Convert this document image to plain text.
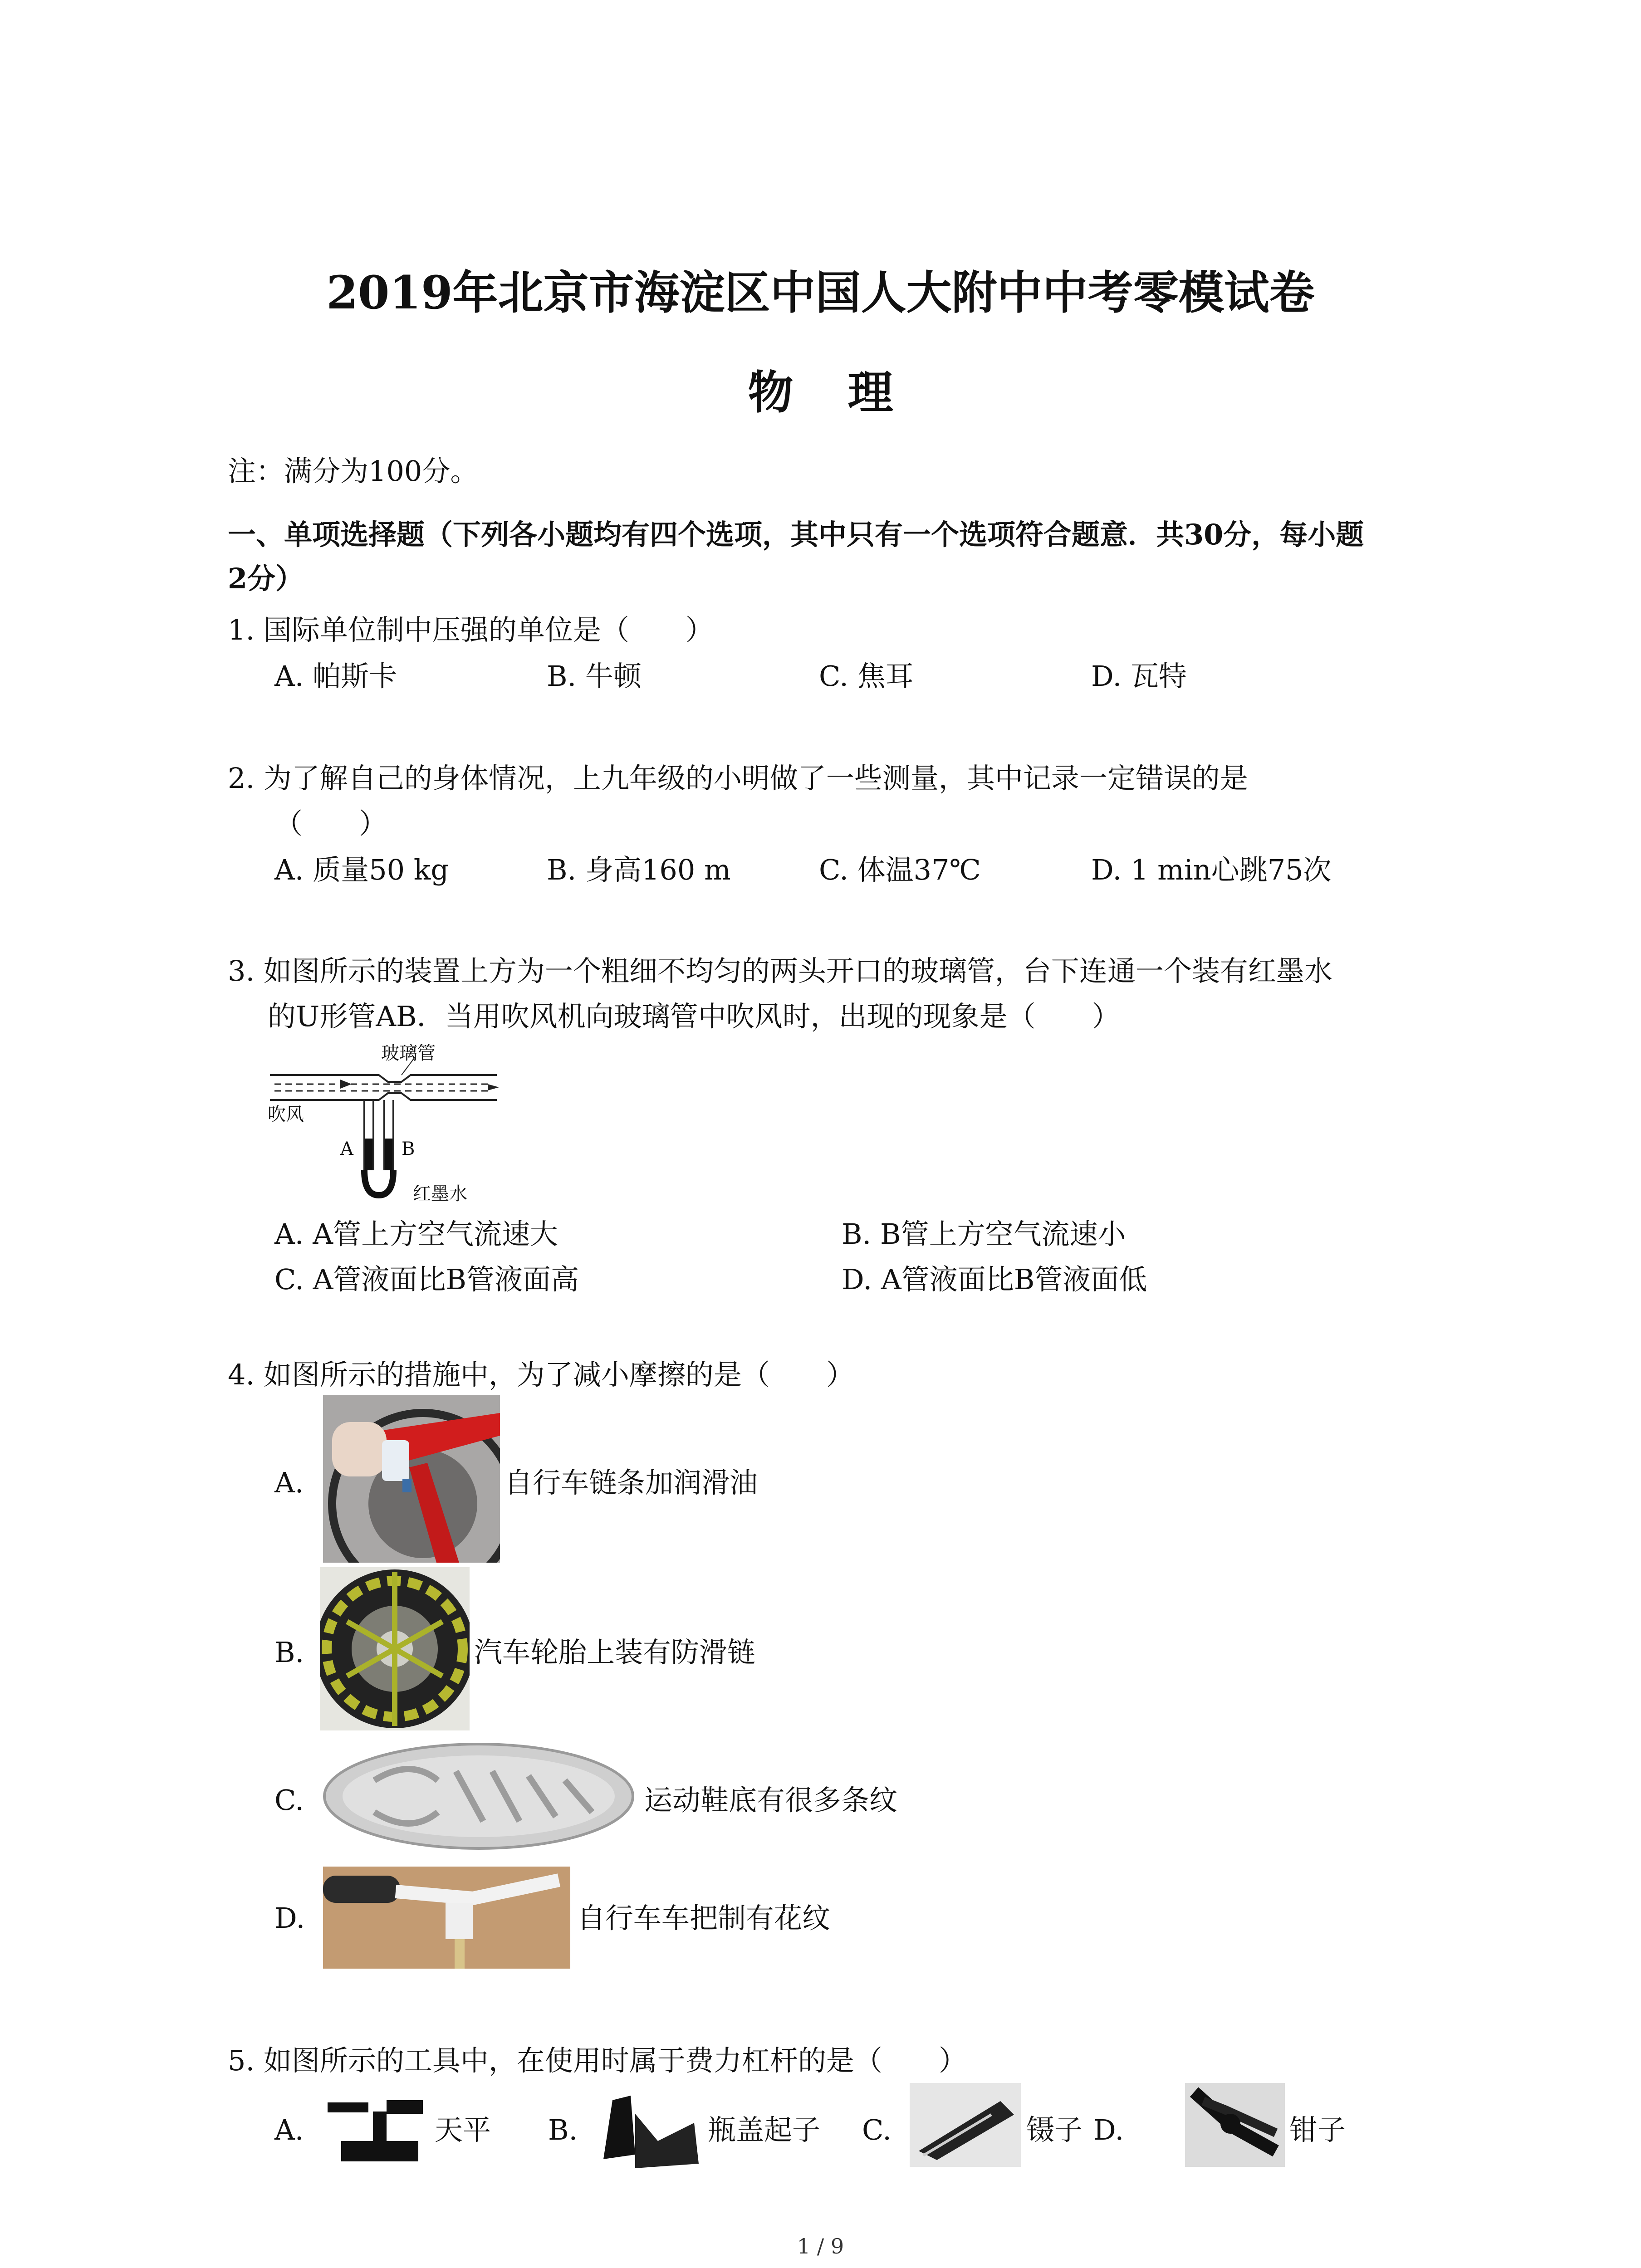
2019年北京市海淀区中国人大附中中考零模试卷
物理
注：满分为100分。
一、单项选择题（下列各小题均有四个选项，其中只有一个选项符合题意．共30分，每小题
2分）
1. 国际单位制中压强的单位是（　　）
A. 帕斯卡	B. 牛顿	C. 焦耳	D. 瓦特
2. 为了解自己的身体情况，上九年级的小明做了一些测量，其中记录一定错误的是
（　　）
A. 质量50 kg	B. 身高160 m	C. 体温37℃	D. 1 min心跳75次
3. 如图所示的装置上方为一个粗细不均匀的两头开口的玻璃管，台下连通一个装有红墨水
的U形管AB．当用吹风机向玻璃管中吹风时，出现的现象是（　　）
玻璃管
吹风
A	B
红墨水
A. A管上方空气流速大	B. B管上方空气流速小
C. A管液面比B管液面高	D. A管液面比B管液面低
4. 如图所示的措施中，为了减小摩擦的是（　　）
A.	自行车链条加润滑油
B.	汽车轮胎上装有防滑链
C.	运动鞋底有很多条纹
D.	自行车车把制有花纹
5. 如图所示的工具中，在使用时属于费力杠杆的是（　　）
A.	天平 B.	瓶盖起子 C.	镊子 D.	钳子
1 / 9
